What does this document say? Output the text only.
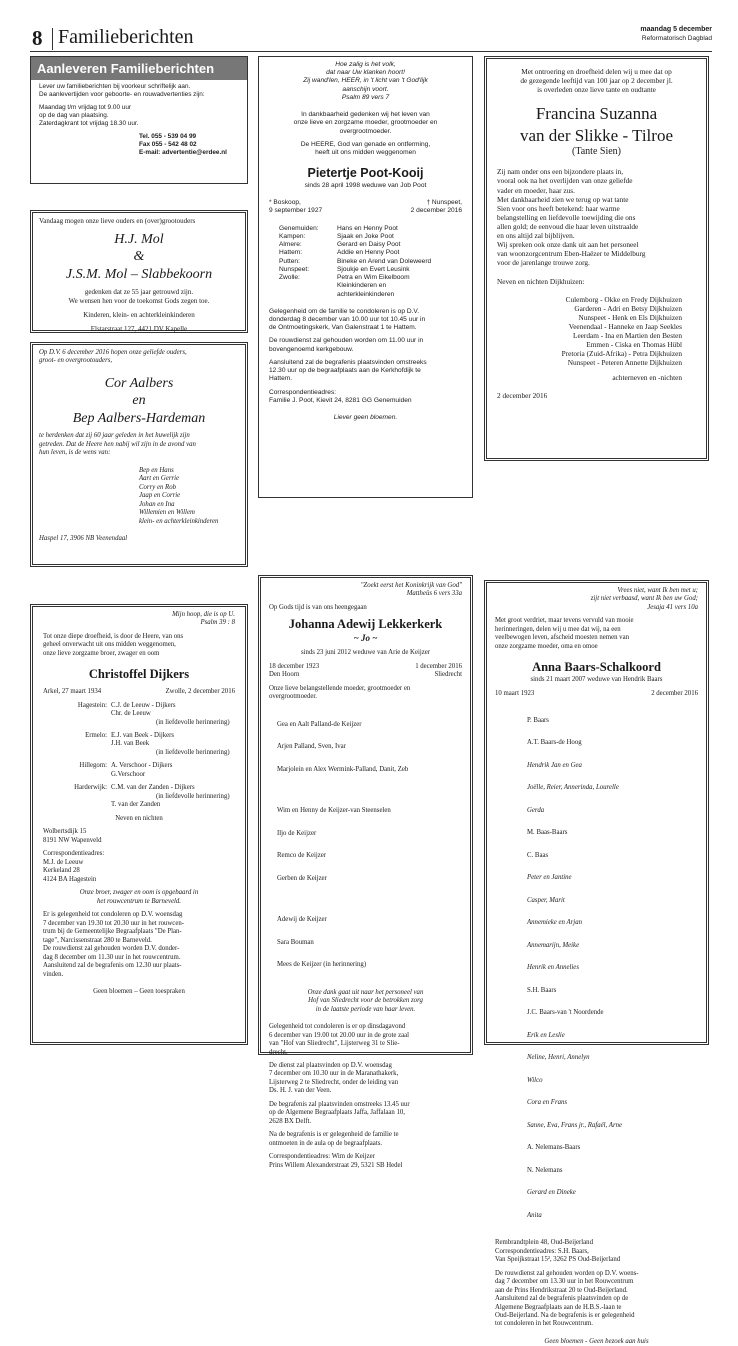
8 Familieberichten	maandag 5 december
Reformatorisch Dagblad
Aanleveren Familieberichten
Lever uw familieberichten bij voorkeur schriftelijk aan.
De aanlevertijden voor geboorte- en rouwadvertenties zijn:
Maandag t/m vrijdag tot 9.00 uur
op de dag van plaatsing.
Zaterdagkrant tot vrijdag 18.30 uur.
Tel. 055 - 539 04 99
Fax 055 - 542 48 02
E-mail: advertentie@erdee.nl
Vandaag mogen onze lieve ouders en (over)grootouders
H.J. Mol
&
J.S.M. Mol – Slabbekoorn
gedenken dat ze 55 jaar getrouwd zijn.
We wensen hen voor de toekomst Gods zegen toe.
Kinderen, klein- en achterkleinkinderen
Elstarstraat 127, 4421 DV Kapelle
Op D.V. 6 december 2016 hopen onze geliefde ouders,
groot- en overgrootouders,
Cor Aalbers
en
Bep Aalbers-Hardeman
te herdenken dat zij 60 jaar geleden in het huwelijk zijn
getreden. Dat de Heere hen nabij wil zijn in de avond van
hun leven, is de wens van:
Bep en Hans
Aart en Gerrie
Corry en Rob
Jaap en Corrie
Johan en Ina
Willemien en Willem
klein- en achterkleinkinderen
Haspel 17, 3906 NB Veenendaal
Hoe zalig is het volk,
dat naar Uw klanken hoort!
Zij wand'len, HEER, in 't licht van 't God'lijk
aanschijn voort.
Psalm 89 vers 7
In dankbaarheid gedenken wij het leven van
onze lieve en zorgzame moeder, grootmoeder en
overgrootmoeder.
De HEERE, God van genade en ontferming,
heeft uit ons midden weggenomen
Pietertje Poot-Kooij
sinds 28 april 1998 weduwe van Job Poot
* Boskoop,	† Nunspeet,
9 september 1927	2 december 2016
Genemuiden:	Hans en Henny Poot
Kampen:	Sjaak en Joke Poot
Almere:	Gerard en Daisy Poot
Hattem:	Addie en Henny Poot
Putten:	Bineke en Arend van Doleweerd
Nunspeet:	Sjoukje en Evert Leusink
Zwolle:	Petra en Wim Eikelboom
Kleinkinderen en
achterkleinkinderen
Gelegenheid om de familie te condoleren is op D.V.
donderdag 8 december van 10.00 uur tot 10.45 uur in
de Ontmoetingskerk, Van Galenstraat 1 te Hattem.
De rouwdienst zal gehouden worden om 11.00 uur in
bovengenoemd kerkgebouw.
Aansluitend zal de begrafenis plaatsvinden omstreeks
12.30 uur op de begraafplaats aan de Kerkhofdijk te
Hattem.
Correspondentieadres:
Familie J. Poot, Kievit 24, 8281 GG Genemuiden
Liever geen bloemen.
Met ontroering en droefheid delen wij u mee dat op
de gezegende leeftijd van 100 jaar op 2 december jl.
is overleden onze lieve tante en oudtante
Francina Suzanna
van der Slikke - Tilroe
(Tante Sien)
Zij nam onder ons een bijzondere plaats in,
vooral ook na het overlijden van onze geliefde
vader en moeder, haar zus.
Met dankbaarheid zien we terug op wat tante
Sien voor ons heeft betekend: haar warme
belangstelling en liefdevolle toewijding die ons
allen gold; de eenvoud die haar leven uitstraalde
en ons altijd zal bijblijven.
Wij spreken ook onze dank uit aan het personeel
van woonzorgcentrum Eben-Haëzer te Middelburg
voor de jarenlange trouwe zorg.
Neven en nichten Dijkhuizen:
Culemborg - Okke en Fredy Dijkhuizen
Garderen - Adri en Betsy Dijkhuizen
Nunspeet - Henk en Els Dijkhuizen
Veenendaal - Hanneke en Jaap Seekles
Leerdam - Ina en Martien den Besten
Emmen - Ciska en Thomas Hübl
Pretoria (Zuid-Afrika) - Petra Dijkhuizen
Nunspeet - Peteren Annette Dijkhuizen
achterneven en -nichten
2 december 2016
Mijn hoop, die is op U.
Psalm 39 : 8
Tot onze diepe droefheid, is door de Heere, van ons
geheel onverwacht uit ons midden weggenomen,
onze lieve zorgzame broer, zwager en oom
Christoffel Dijkers
Arkel, 27 maart 1934	Zwolle, 2 december 2016
Hagestein: C.J. de Leeuw - Dijkers
Chr. de Leeuw
(in liefdevolle herinnering)
Ermelo: E.J. van Beek - Dijkers
J.H. van Beek
(in liefdevolle herinnering)
Hillegom: A. Verschoor - Dijkers
G.Verschoor
Harderwijk: C.M. van der Zanden - Dijkers
(in liefdevolle herinnering)
T. van der Zanden
Neven en nichten
Wolbertsdijk 15
8191 NW Wapenveld
Correspondentieadres:
M.J. de Leeuw
Kerkeland 28
4124 BA Hagestein
Onze broer, zwager en oom is opgebaard in
het rouwcentrum te Barneveld.
Er is gelegenheid tot condoleren op D.V. woensdag
7 december van 19.30 tot 20.30 uur in het rouwcen-
trum bij de Gemeentelijke Begraafplaats "De Plan-
tage", Narcissenstraat 280 te Barneveld.
De rouwdienst zal gehouden worden D.V. donder-
dag 8 december om 11.30 uur in het rouwcentrum.
Aansluitend zal de begrafenis om 12.30 uur plaats-
vinden.
Geen bloemen – Geen toespraken
"Zoekt eerst het Koninkrijk van God"
Mattheüs 6 vers 33a
Op Gods tijd is van ons heengegaan
Johanna Adewij Lekkerkerk
~ Jo ~
sinds 23 juni 2012 weduwe van Arie de Keijzer
18 december 1923	1 december 2016
Den Hoorn	Sliedrecht
Onze lieve belangstellende moeder, grootmoeder en
overgrootmoeder.

Gea en Aalt Palland-de Keijzer

Arjen Palland, Sven, Ivar

Marjolein en Alex Wermink-Palland, Danit, Zeb

Wim en Henny de Keijzer-van Steenselen

Iljo de Keijzer

Remco de Keijzer

Gerben de Keijzer

Adewij de Keijzer

Sara Bouman

Mees de Keijzer (in herinnering)

Onze dank gaat uit naar het personeel van
Hof van Sliedrecht voor de betrokken zorg
in de laatste periode van haar leven.
Gelegenheid tot condoleren is er op dinsdagavond
6 december van 19.00 tot 20.00 uur in de grote zaal
van "Hof van Sliedrecht", Lijsterweg 31 te Slie-
drecht.
De dienst zal plaatsvinden op D.V. woensdag
7 december om 10.30 uur in de Maranathakerk,
Lijsterweg 2 te Sliedrecht, onder de leiding van
Ds. H. J. van der Veen.
De begrafenis zal plaatsvinden omstreeks 13.45 uur
op de Algemene Begraafplaats Jaffa, Jaffalaan 10,
2628 BX Delft.
Na de begrafenis is er gelegenheid de familie te
ontmoeten in de aula op de begraafplaats.
Correspondentieadres: Wim de Keijzer
Prins Willem Alexanderstraat 29, 5321 SB Hedel
Vrees niet, want Ik ben met u;
zijt niet verbaasd, want Ik ben uw God;
Jesaja 41 vers 10a
Met groot verdriet, maar tevens vervuld van mooie
herinneringen, delen wij u mee dat wij, na een
veelbewogen leven, afscheid moesten nemen van
onze zorgzame moeder, oma en omoe
Anna Baars-Schalkoord
sinds 21 maart 2007 weduwe van Hendrik Baars
10 maart 1923	2 december 2016

P. Baars

A.T. Baars-de Hoog

Hendrik Jan en Gea

Joëlle, Reier, Annerinda, Lourelle

Gerda

M. Baas-Baars

C. Baas

Peter en Jantine

Casper, Marit

Annemieke en Arjan

Annemarijn, Meike

Henrik en Annelies

S.H. Baars

J.C. Baars-van 't Noordende

Erik en Leslie

Neline, Henri, Annelyn

Wilco

Cora en Frans

Sanne, Eva, Frans jr., Rafaël, Arne

A. Nelemans-Baars

N. Nelemans

Gerard en Dineke

Anita

Rembrandtplein 48, Oud-Beijerland
Correspondentieadres: S.H. Baars,
Van Speijkstraat 15², 3262 PS Oud-Beijerland
De rouwdienst zal gehouden worden op D.V. woens-
dag 7 december om 13.30 uur in het Rouwcentrum
aan de Prins Hendrikstraat 20 te Oud-Beijerland.
Aansluitend zal de begrafenis plaatsvinden op de
Algemene Begraafplaats aan de H.B.S.-laan te
Oud-Beijerland. Na de begrafenis is er gelegenheid
tot condoleren in het Rouwcentrum.
Geen bloemen - Geen bezoek aan huis
